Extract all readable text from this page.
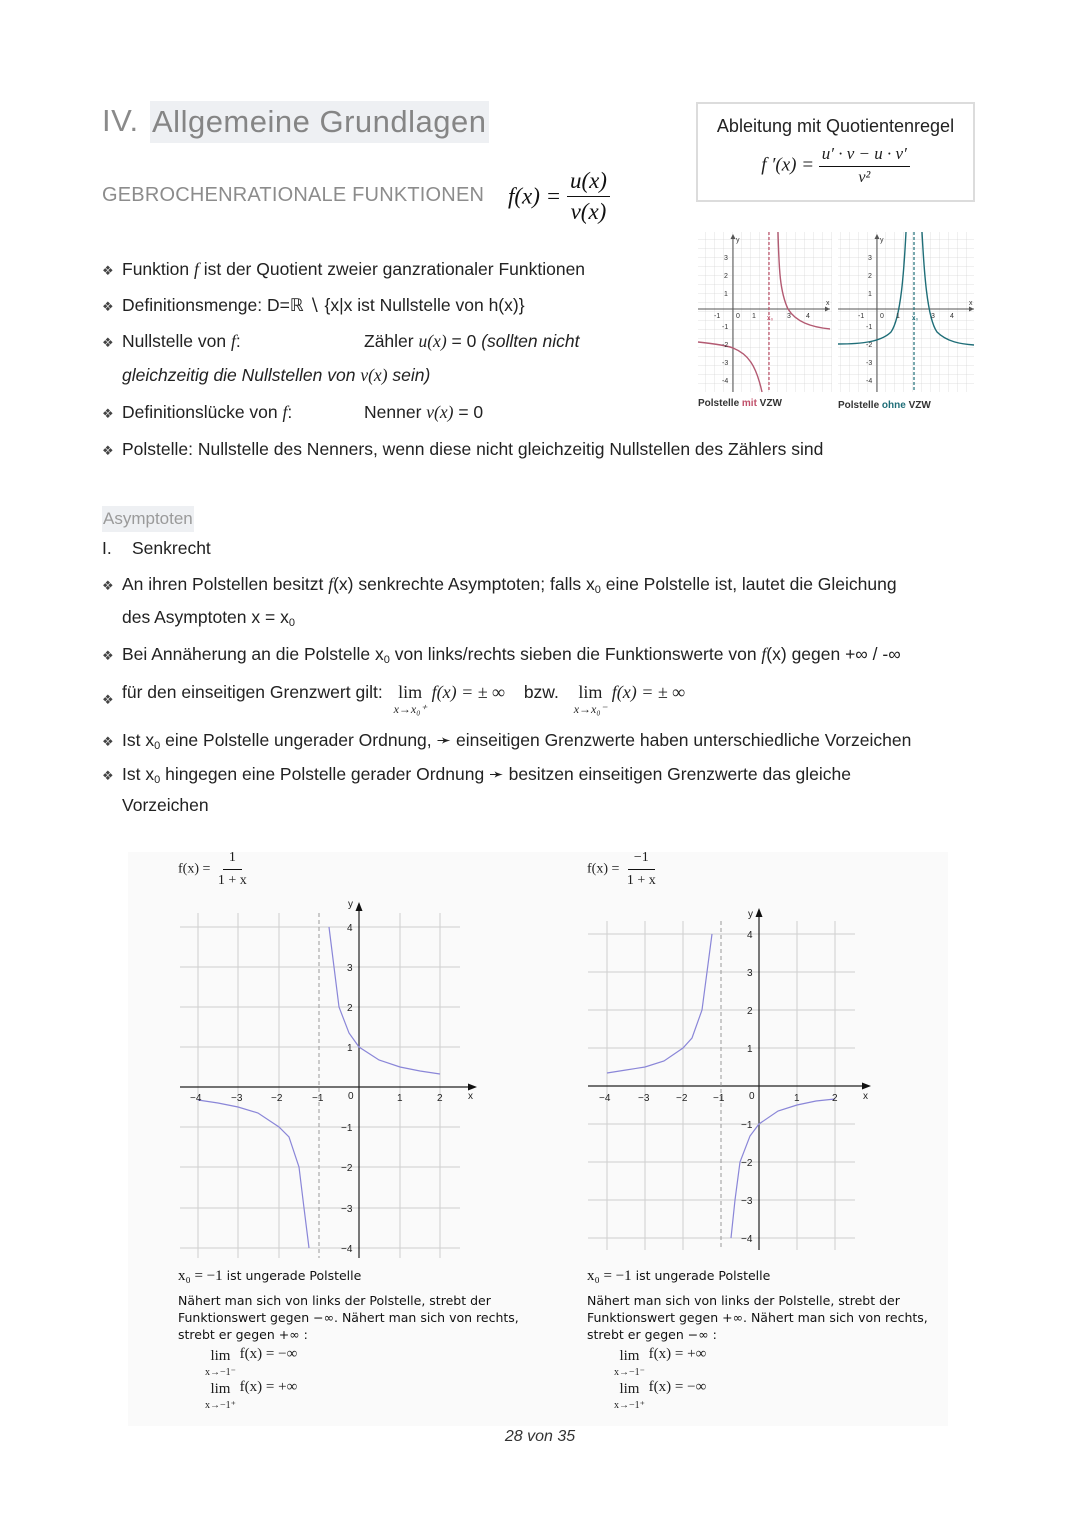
IV. Allgemeine Grundlagen
GEBROCHENRATIONALE FUNKTIONEN $f(x) = \frac{u(x)}{v(x)}$
Ableitung mit Quotientenregel
f $'(x) = \frac{u' \cdot v - u \cdot v'}{\text{v²}}$
-1 0 1 x₀ 3 4
x
y
3
2
1
-1
-2
-3
-4
-1 0 1 x₀ 3 4
x
y
3
2
1
-1
-2
-3
-4
Polstelle mit VZW	Polstelle ohne VZW
❖ Funktion f ist der Quotient zweier ganzrationaler Funktionen
❖ Definitionsmenge: D=ℝ ∖ {x|x ist Nullstelle von h(x)}
❖ Nullstelle von f:	Zähler u(x) = 0 (sollten nicht
gleichzeitig die Nullstellen von v(x) sein)
❖ Definitionslücke von f:	Nenner v(x) = 0
❖ Polstelle: Nullstelle des Nenners, wenn diese nicht gleichzeitig Nullstellen des Zählers sind
Asymptoten
I. Senkrecht
❖ An ihren Polstellen besitzt f(x) senkrechte Asymptoten; falls $x_0$ eine Polstelle ist, lautet die Gleichung
des Asymptoten $x = x_0$
❖ Bei Annäherung an die Polstelle $x_0$ von links/rechts sieben die Funktionswerte von f(x) gegen +∞ / -∞
❖ für den einseitigen Grenzwert gilt: lim
x→x₀⁺
f(x) = ± ∞ bzw. lim
x→x₀⁻
f(x) = ± ∞
❖ Ist $x_0$ eine Polstelle ungerader Ordnung, ➛ einseitigen Grenzwerte haben unterschiedliche Vorzeichen
❖ Ist $x_0$ hingegen eine Polstelle gerader Ordnung ➛ besitzen einseitigen Grenzwerte das gleiche
Vorzeichen
$f(x) = \frac{1}{1 + x}$
−4	−3	−2	−1 0	1	2	x
y
4
3
2
1
−1
−2
−3
−4
x₀ = −1 ist ungerade Polstelle
Nähert man sich von links der Polstelle, strebt der
Funktionswert gegen −∞. Nähert man sich von rechts,
strebt er gegen +∞ :
lim
x→−1⁻
f(x) = −∞
lim
x→−1⁺
f(x) = +∞
$f(x) = \frac{-1}{1 + x}$
−4	−3	−2	−1 0	1	2	x
y
4
3
2
1
−1
−2
−3
−4
x₀ = −1 ist ungerade Polstelle
Nähert man sich von links der Polstelle, strebt der
Funktionswert gegen +∞. Nähert man sich von rechts,
strebt er gegen −∞ :
lim
x→−1⁻
f(x) = +∞
lim
x→−1⁺
f(x) = −∞
28 von 35
